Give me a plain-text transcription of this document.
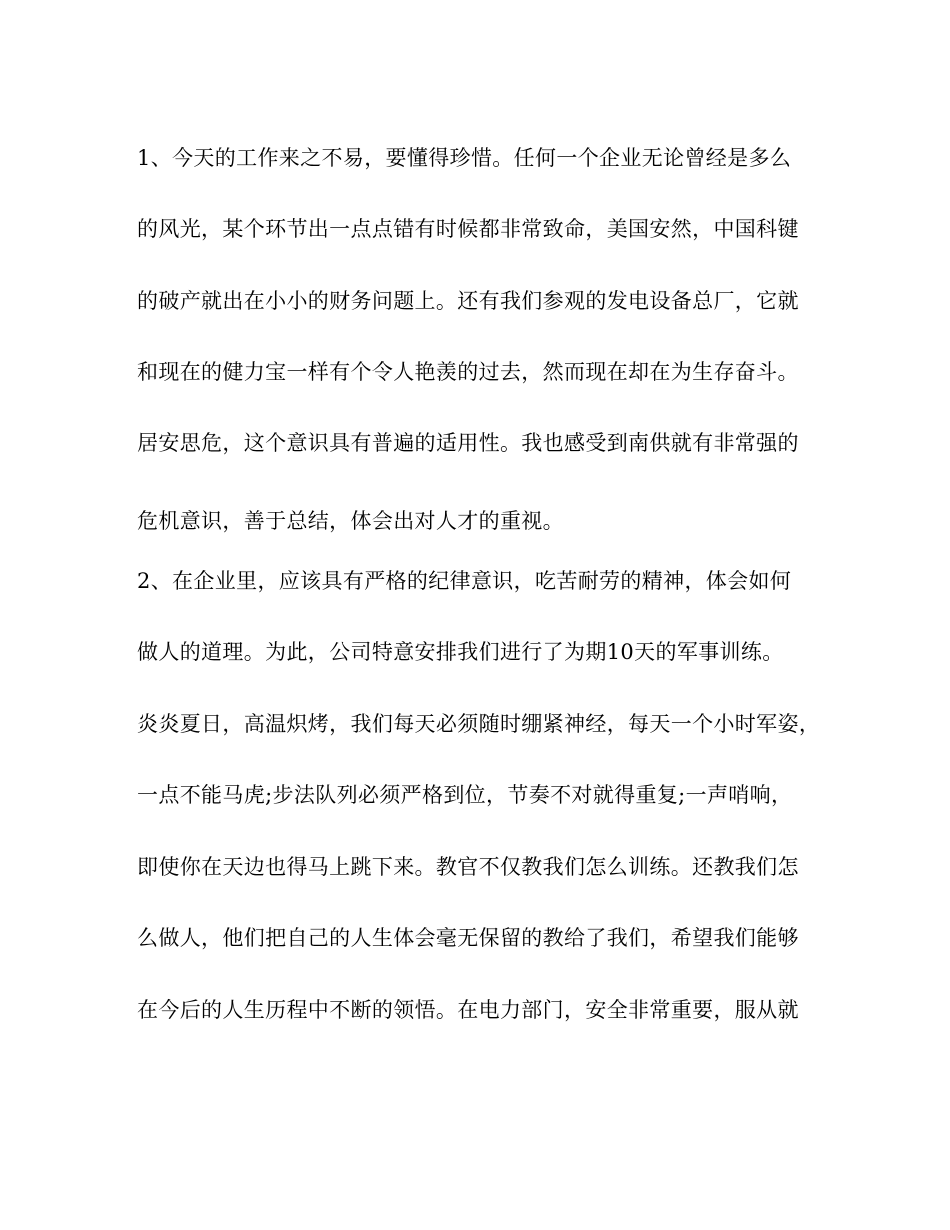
1、今天的工作来之不易，要懂得珍惜。任何一个企业无论曾经是多么
的风光，某个环节出一点点错有时候都非常致命，美国安然，中国科键
的破产就出在小小的财务问题上。还有我们参观的发电设备总厂，它就
和现在的健力宝一样有个令人艳羡的过去，然而现在却在为生存奋斗。
居安思危，这个意识具有普遍的适用性。我也感受到南供就有非常强的
危机意识，善于总结，体会出对人才的重视。
2、在企业里，应该具有严格的纪律意识，吃苦耐劳的精神，体会如何
做人的道理。为此，公司特意安排我们进行了为期10天的军事训练。
炎炎夏日，高温炽烤，我们每天必须随时绷紧神经，每天一个小时军姿，
一点不能马虎;步法队列必须严格到位，节奏不对就得重复;一声哨响，
即使你在天边也得马上跳下来。教官不仅教我们怎么训练。还教我们怎
么做人，他们把自己的人生体会毫无保留的教给了我们，希望我们能够
在今后的人生历程中不断的领悟。在电力部门，安全非常重要，服从就
